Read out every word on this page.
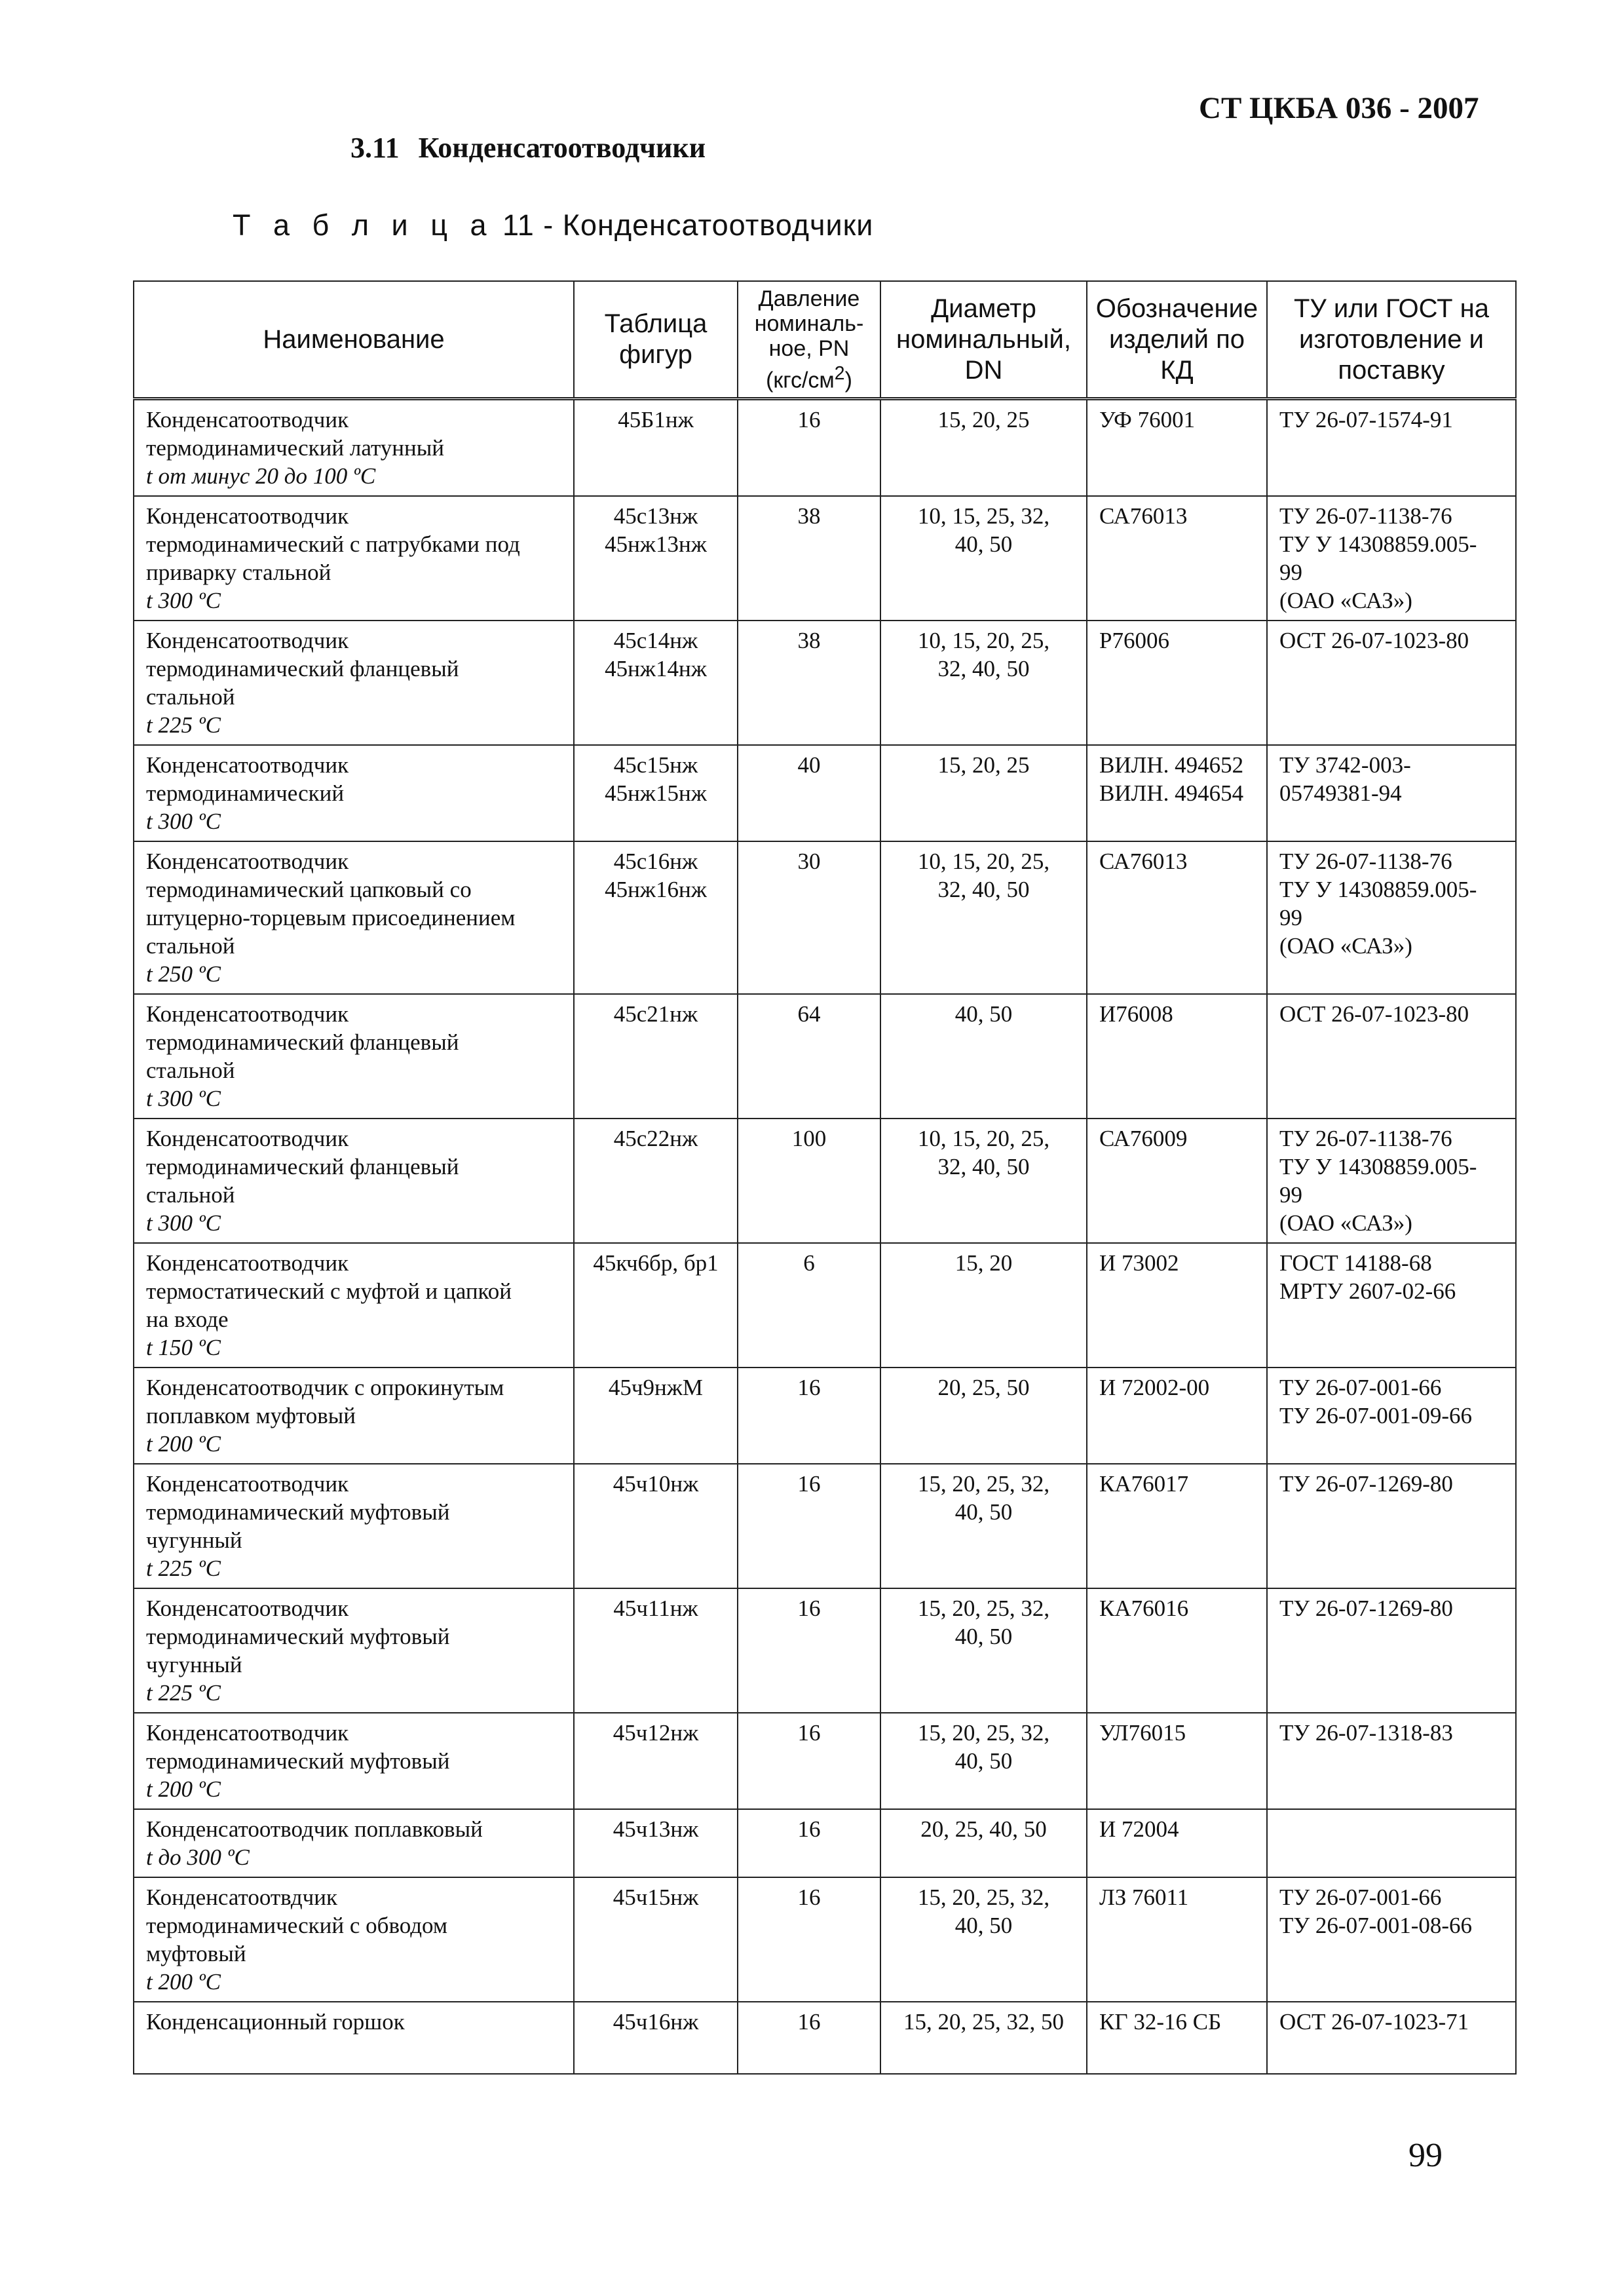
СТ ЦКБА 036 - 2007
3.11 Конденсатоотводчики
Т а б л и ц а 11 - Конденсатоотводчики
Наименование	Таблица
фигур	Давление
номиналь-
ное, PN
$(кгс/см^2)$	Диаметр
номинальный,
DN	Обозначение
изделий по
КД	ТУ или ГОСТ на
изготовление и
поставку

Конденсатоотводчик
термодинамический латунный
t от минус 20 до 100 ºС	45Б1нж	16	15, 20, 25	УФ 76001	ТУ 26-07-1574-91

Конденсатоотводчик
термодинамический с патрубками под
приварку стальной
t 300 ºС	45с13нж
45нж13нж	38	10, 15, 25, 32,
40, 50	СА76013	ТУ 26-07-1138-76
ТУ У 14308859.005-
99
(ОАО «САЗ»)

Конденсатоотводчик
термодинамический фланцевый
стальной
t 225 ºС	45с14нж
45нж14нж	38	10, 15, 20, 25,
32, 40, 50	Р76006	ОСТ 26-07-1023-80

Конденсатоотводчик
термодинамический
t 300 ºС	45с15нж
45нж15нж	40	15, 20, 25	ВИЛН. 494652
ВИЛН. 494654	ТУ 3742-003-
05749381-94

Конденсатоотводчик
термодинамический цапковый со
штуцерно-торцевым присоединением
стальной
t 250 ºС	45с16нж
45нж16нж	30	10, 15, 20, 25,
32, 40, 50	СА76013	ТУ 26-07-1138-76
ТУ У 14308859.005-
99
(ОАО «САЗ»)

Конденсатоотводчик
термодинамический фланцевый
стальной
t 300 ºС	45с21нж	64	40, 50	И76008	ОСТ 26-07-1023-80

Конденсатоотводчик
термодинамический фланцевый
стальной
t 300 ºС	45с22нж	100	10, 15, 20, 25,
32, 40, 50	СА76009	ТУ 26-07-1138-76
ТУ У 14308859.005-
99
(ОАО «САЗ»)

Конденсатоотводчик
термостатический с муфтой и цапкой
на входе
t 150 ºС	45кч6бр, бр1	6	15, 20	И 73002	ГОСТ 14188-68
МРТУ 2607-02-66

Конденсатоотводчик с опрокинутым
поплавком муфтовый
t 200 ºС	45ч9нжМ	16	20, 25, 50	И 72002-00	ТУ 26-07-001-66
ТУ 26-07-001-09-66

Конденсатоотводчик
термодинамический муфтовый
чугунный
t 225 ºС	45ч10нж	16	15, 20, 25, 32,
40, 50	КА76017	ТУ 26-07-1269-80

Конденсатоотводчик
термодинамический муфтовый
чугунный
t 225 ºС	45ч11нж	16	15, 20, 25, 32,
40, 50	КА76016	ТУ 26-07-1269-80

Конденсатоотводчик
термодинамический муфтовый
t 200 ºС	45ч12нж	16	15, 20, 25, 32,
40, 50	УЛ76015	ТУ 26-07-1318-83

Конденсатоотводчик поплавковый
t до 300 ºС	45ч13нж	16	20, 25, 40, 50	И 72004	

Конденсатоотвдчик
термодинамический с обводом
муфтовый
t 200 ºС	45ч15нж	16	15, 20, 25, 32,
40, 50	ЛЗ 76011	ТУ 26-07-001-66
ТУ 26-07-001-08-66

Конденсационный горшок	45ч16нж	16	15, 20, 25, 32, 50	КГ 32-16 СБ	ОСТ 26-07-1023-71
99
